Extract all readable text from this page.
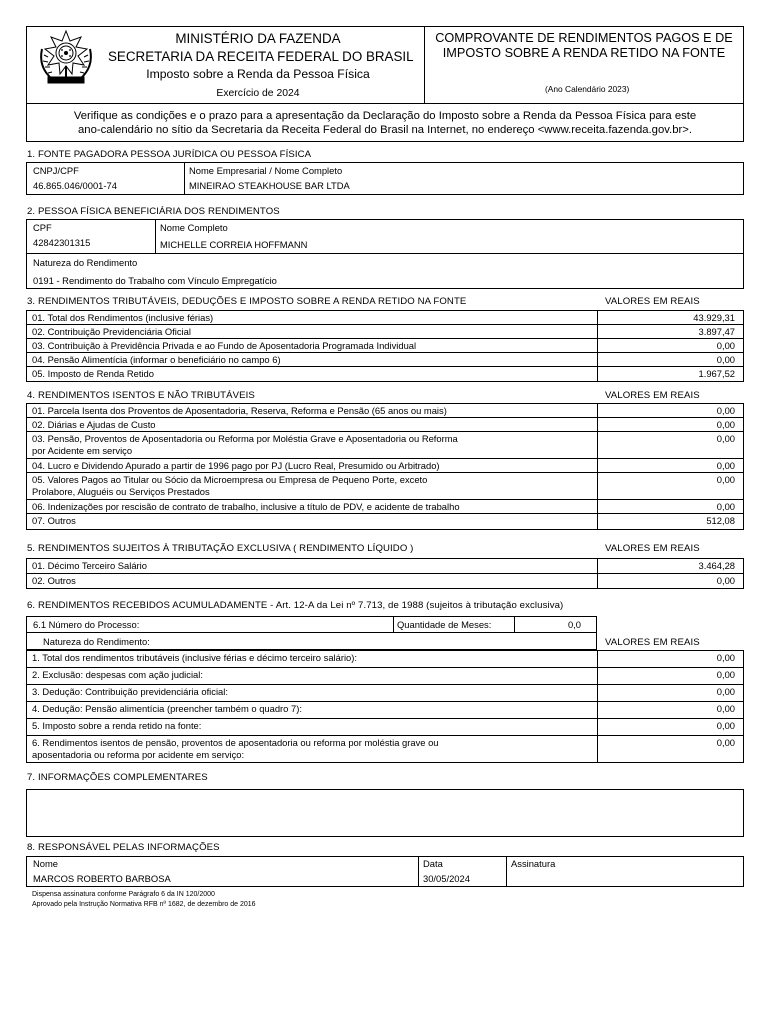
MINISTÉRIO DA FAZENDA
SECRETARIA DA RECEITA FEDERAL DO BRASIL
Imposto sobre a Renda da Pessoa Física
Exercício de 2024
COMPROVANTE DE RENDIMENTOS PAGOS E DE
IMPOSTO SOBRE A RENDA RETIDO NA FONTE
(Ano Calendário 2023)
Verifique as condições e o prazo para a apresentação da Declaração do Imposto sobre a Renda da Pessoa Física para este
ano-calendário no sítio da Secretaria da Receita Federal do Brasil na Internet, no endereço <www.receita.fazenda.gov.br>.
1. FONTE PAGADORA PESSOA JURÍDICA OU PESSOA FÍSICA
CNPJ/CPF
46.865.046/0001-74
Nome Empresarial / Nome Completo
MINEIRAO STEAKHOUSE BAR LTDA
2. PESSOA FÍSICA BENEFICIÁRIA DOS RENDIMENTOS
CPF
42842301315
Nome Completo
MICHELLE CORREIA HOFFMANN
Natureza do Rendimento
0191 - Rendimento do Trabalho com Vínculo Empregatício
3. RENDIMENTOS TRIBUTÁVEIS, DEDUÇÕES E IMPOSTO SOBRE A RENDA RETIDO NA FONTE	VALORES EM REAIS
01. Total dos Rendimentos (inclusive férias)	43.929,31
02. Contribuição Previdenciária Oficial	3.897,47
03. Contribuição à Previdência Privada e ao Fundo de Aposentadoria Programada Individual	0,00
04. Pensão Alimentícia (informar o beneficiário no campo 6)	0,00
05. Imposto de Renda Retido	1.967,52
4. RENDIMENTOS ISENTOS E NÃO TRIBUTÁVEIS	VALORES EM REAIS
01. Parcela Isenta dos Proventos de Aposentadoria, Reserva, Reforma e Pensão (65 anos ou mais)	0,00
02. Diárias e Ajudas de Custo	0,00
03. Pensão, Proventos de Aposentadoria ou Reforma por Moléstia Grave e Aposentadoria ou Reforma
por Acidente em serviço
0,00
04. Lucro e Dividendo Apurado a partir de 1996 pago por PJ (Lucro Real, Presumido ou Arbitrado)	0,00
05. Valores Pagos ao Titular ou Sócio da Microempresa ou Empresa de Pequeno Porte, exceto
Prolabore, Aluguéis ou Serviços Prestados
0,00
06. Indenizações por rescisão de contrato de trabalho, inclusive a título de PDV, e acidente de trabalho	0,00
07. Outros	512,08
5. RENDIMENTOS SUJEITOS À TRIBUTAÇÃO EXCLUSIVA ( RENDIMENTO LÍQUIDO )	VALORES EM REAIS
01. Décimo Terceiro Salário	3.464,28
02. Outros	0,00
6. RENDIMENTOS RECEBIDOS ACUMULADAMENTE - Art. 12-A da Lei nº 7.713, de 1988 (sujeitos à tributação exclusiva)
6.1 Número do Processo:	Quantidade de Meses:	0,0
Natureza do Rendimento:	VALORES EM REAIS
1. Total dos rendimentos tributáveis (inclusive férias e décimo terceiro salário):	0,00
2. Exclusão: despesas com ação judicial:	0,00
3. Dedução: Contribuição previdenciária oficial:	0,00
4. Dedução: Pensão alimentícia (preencher também o quadro 7):	0,00
5. Imposto sobre a renda retido na fonte:	0,00
6. Rendimentos isentos de pensão, proventos de aposentadoria ou reforma por moléstia grave ou
aposentadoria ou reforma por acidente em serviço:
0,00
7. INFORMAÇÕES COMPLEMENTARES
8. RESPONSÁVEL PELAS INFORMAÇÕES
Nome
MARCOS ROBERTO BARBOSA
Data
30/05/2024
Assinatura
Dispensa assinatura conforme Parágrafo 6 da IN 120/2000
Aprovado pela Instrução Normativa RFB nº 1682, de dezembro de 2016
